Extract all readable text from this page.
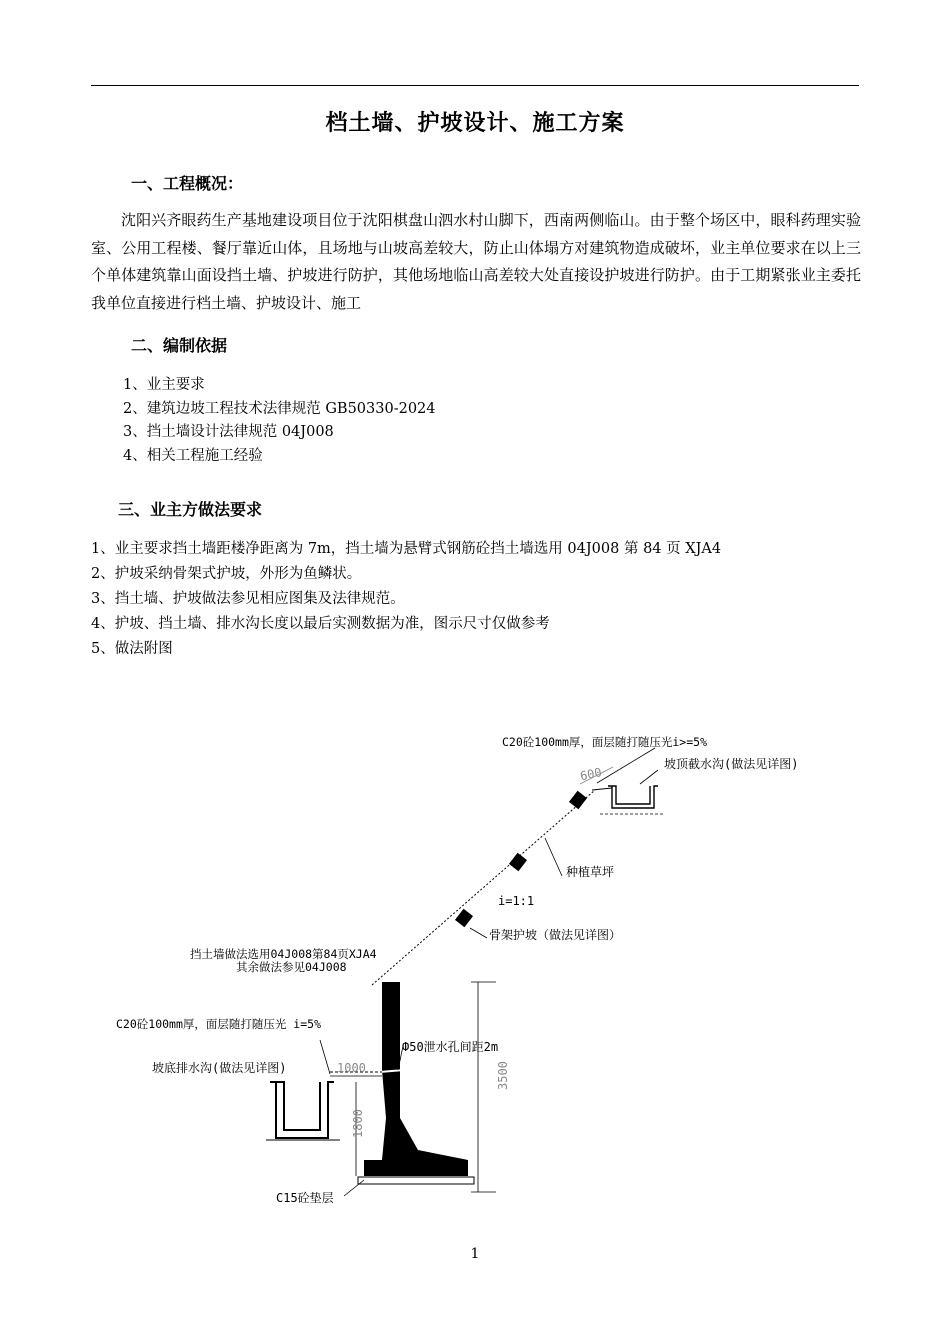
档土墙、护坡设计、施工方案
一、工程概况：
沈阳兴齐眼药生产基地建设项目位于沈阳棋盘山泗水村山脚下，西南两侧临山。由于整个场区中，眼科药理实验室、公用工程楼、餐厅靠近山体，且场地与山坡高差较大，防止山体塌方对建筑物造成破坏，业主单位要求在以上三个单体建筑靠山面设挡土墙、护坡进行防护，其他场地临山高差较大处直接设护坡进行防护。由于工期紧张业主委托我单位直接进行档土墙、护坡设计、施工
二、编制依据
1、业主要求
2、建筑边坡工程技术法律规范 GB50330-2024
3、挡土墙设计法律规范 04J008
4、相关工程施工经验
三、业主方做法要求
1、业主要求挡土墙距楼净距离为 7m，挡土墙为悬臂式钢筋砼挡土墙选用 04J008 第 84 页 XJA4
2、护坡采纳骨架式护坡，外形为鱼鳞状。
3、挡土墙、护坡做法参见相应图集及法律规范。
4、护坡、挡土墙、排水沟长度以最后实测数据为准，图示尺寸仅做参考
5、做法附图
600
C20砼100mm厚，面层随打随压光i>=5%
坡顶截水沟(做法见详图)
种植草坪
i=1:1
骨架护坡（做法见详图）
挡土墙做法选用04J008第84页XJA4
其余做法参见04J008
3500
1000
1800
C20砼100mm厚，面层随打随压光 i=5%
坡底排水沟(做法见详图)
Ф50泄水孔间距2m
C15砼垫层
1
